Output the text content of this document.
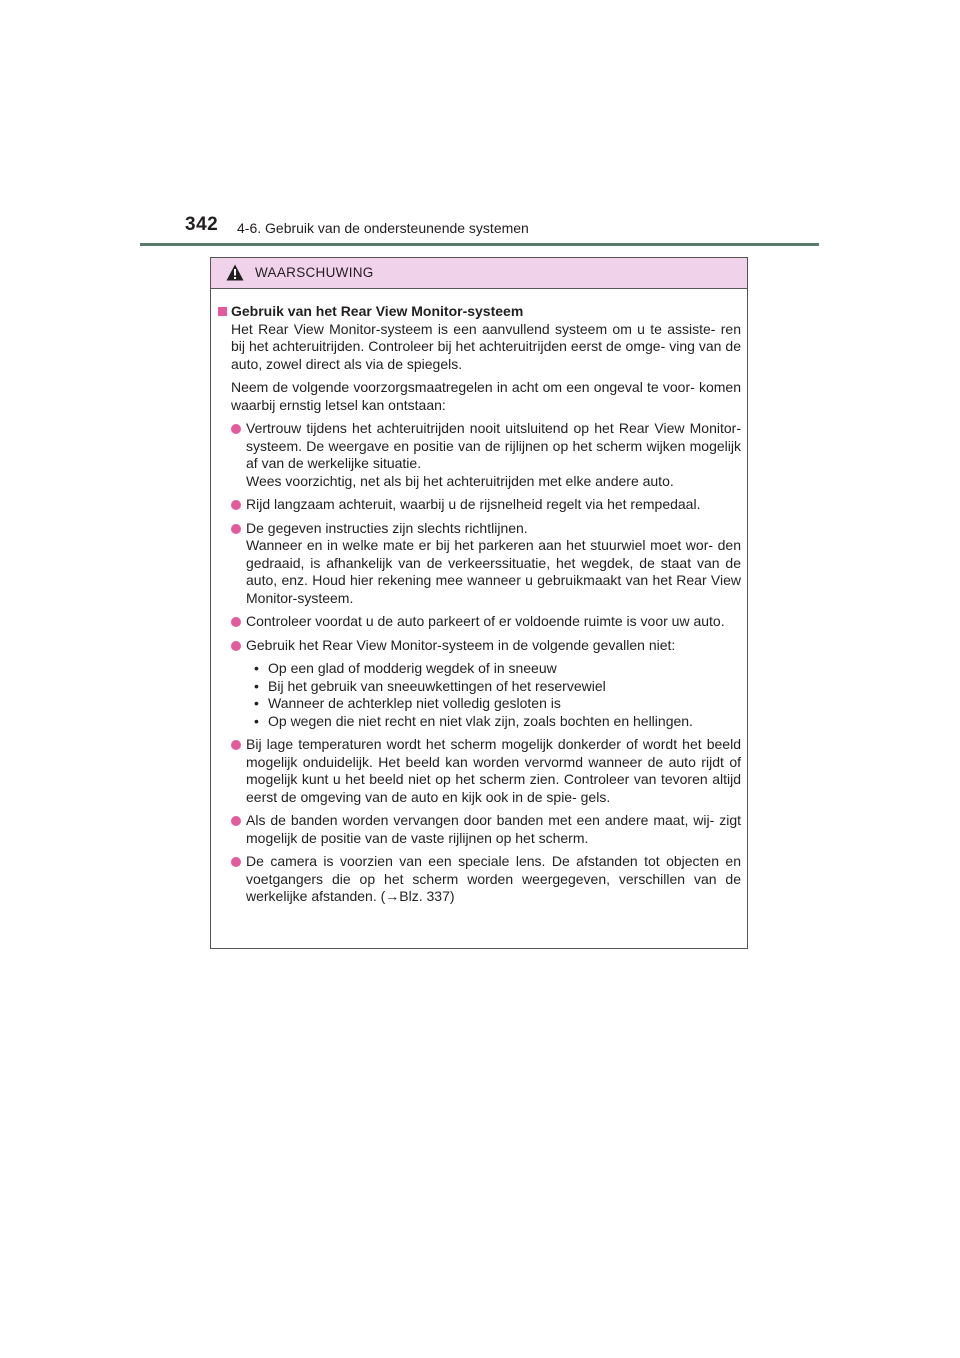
342 4-6. Gebruik van de ondersteunende systemen
WAARSCHUWING
Gebruik van het Rear View Monitor-systeem

Het Rear View Monitor-systeem is een aanvullend systeem om u te assiste- ren bij het achteruitrijden. Controleer bij het achteruitrijden eerst de omge- ving van de auto, zowel direct als via de spiegels.

Neem de volgende voorzorgsmaatregelen in acht om een ongeval te voor- komen waarbij ernstig letsel kan ontstaan:

Vertrouw tijdens het achteruitrijden nooit uitsluitend op het Rear View Monitor-systeem. De weergave en positie van de rijlijnen op het scherm wijken mogelijk af van de werkelijke situatie.
Wees voorzichtig, net als bij het achteruitrijden met elke andere auto.
Rijd langzaam achteruit, waarbij u de rijsnelheid regelt via het rempedaal.
De gegeven instructies zijn slechts richtlijnen.
Wanneer en in welke mate er bij het parkeren aan het stuurwiel moet wor- den gedraaid, is afhankelijk van de verkeerssituatie, het wegdek, de staat van de auto, enz. Houd hier rekening mee wanneer u gebruikmaakt van het Rear View Monitor-systeem.
Controleer voordat u de auto parkeert of er voldoende ruimte is voor uw auto.
Gebruik het Rear View Monitor-systeem in de volgende gevallen niet:
• Op een glad of modderig wegdek of in sneeuw
• Bij het gebruik van sneeuwkettingen of het reservewiel
• Wanneer de achterklep niet volledig gesloten is
• Op wegen die niet recht en niet vlak zijn, zoals bochten en hellingen.
Bij lage temperaturen wordt het scherm mogelijk donkerder of wordt het beeld mogelijk onduidelijk. Het beeld kan worden vervormd wanneer de auto rijdt of mogelijk kunt u het beeld niet op het scherm zien. Controleer van tevoren altijd eerst de omgeving van de auto en kijk ook in de spie- gels.
Als de banden worden vervangen door banden met een andere maat, wij- zigt mogelijk de positie van de vaste rijlijnen op het scherm.
De camera is voorzien van een speciale lens. De afstanden tot objecten en voetgangers die op het scherm worden weergegeven, verschillen van de werkelijke afstanden. (→Blz. 337)
